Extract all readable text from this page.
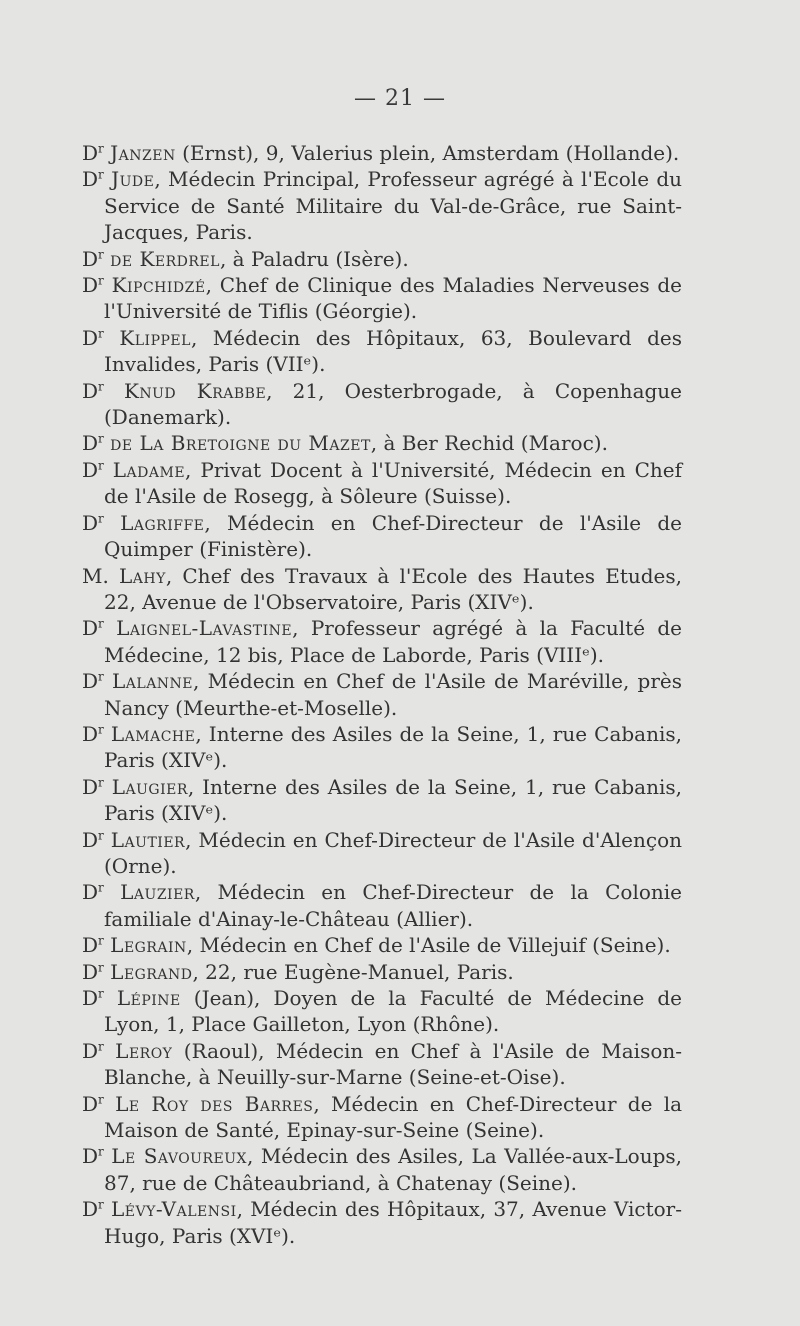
— 21 —
$D^r$ Janzen (Ernst), 9, Valerius plein, Amsterdam (Hollande).
$D^r$ Jude, Médecin Principal, Professeur agrégé à l'Ecole du Service de Santé Militaire du Val-de-Grâce, rue Saint-Jacques, Paris.
$D^r$ de Kerdrel, à Paladru (Isère).
$D^r$ Kipchidzé, Chef de Clinique des Maladies Nerveuses de l'Université de Tiflis (Géorgie).
$D^r$ Klippel, Médecin des Hôpitaux, 63, Boulevard des Invalides, Paris (VIIᵉ).
$D^r$ Knud Krabbe, 21, Oesterbrogade, à Copenhague (Danemark).
$D^r$ de La Bretoigne du Mazet, à Ber Rechid (Maroc).
$D^r$ Ladame, Privat Docent à l'Université, Médecin en Chef de l'Asile de Rosegg, à Sôleure (Suisse).
$D^r$ Lagriffe, Médecin en Chef-Directeur de l'Asile de Quimper (Finistère).
M. Lahy, Chef des Travaux à l'Ecole des Hautes Etudes, 22, Avenue de l'Observatoire, Paris (XIVᵉ).
$D^r$ Laignel-Lavastine, Professeur agrégé à la Faculté de Médecine, 12 bis, Place de Laborde, Paris (VIIIᵉ).
$D^r$ Lalanne, Médecin en Chef de l'Asile de Maréville, près Nancy (Meurthe-et-Moselle).
$D^r$ Lamache, Interne des Asiles de la Seine, 1, rue Cabanis, Paris (XIVᵉ).
$D^r$ Laugier, Interne des Asiles de la Seine, 1, rue Cabanis, Paris (XIVᵉ).
$D^r$ Lautier, Médecin en Chef-Directeur de l'Asile d'Alençon (Orne).
$D^r$ Lauzier, Médecin en Chef-Directeur de la Colonie familiale d'Ainay-le-Château (Allier).
$D^r$ Legrain, Médecin en Chef de l'Asile de Villejuif (Seine).
$D^r$ Legrand, 22, rue Eugène-Manuel, Paris.
$D^r$ Lépine (Jean), Doyen de la Faculté de Médecine de Lyon, 1, Place Gailleton, Lyon (Rhône).
$D^r$ Leroy (Raoul), Médecin en Chef à l'Asile de Maison-Blanche, à Neuilly-sur-Marne (Seine-et-Oise).
$D^r$ Le Roy des Barres, Médecin en Chef-Directeur de la Maison de Santé, Epinay-sur-Seine (Seine).
$D^r$ Le Savoureux, Médecin des Asiles, La Vallée-aux-Loups, 87, rue de Châteaubriand, à Chatenay (Seine).
$D^r$ Lévy-Valensi, Médecin des Hôpitaux, 37, Avenue Victor-Hugo, Paris (XVIᵉ).
